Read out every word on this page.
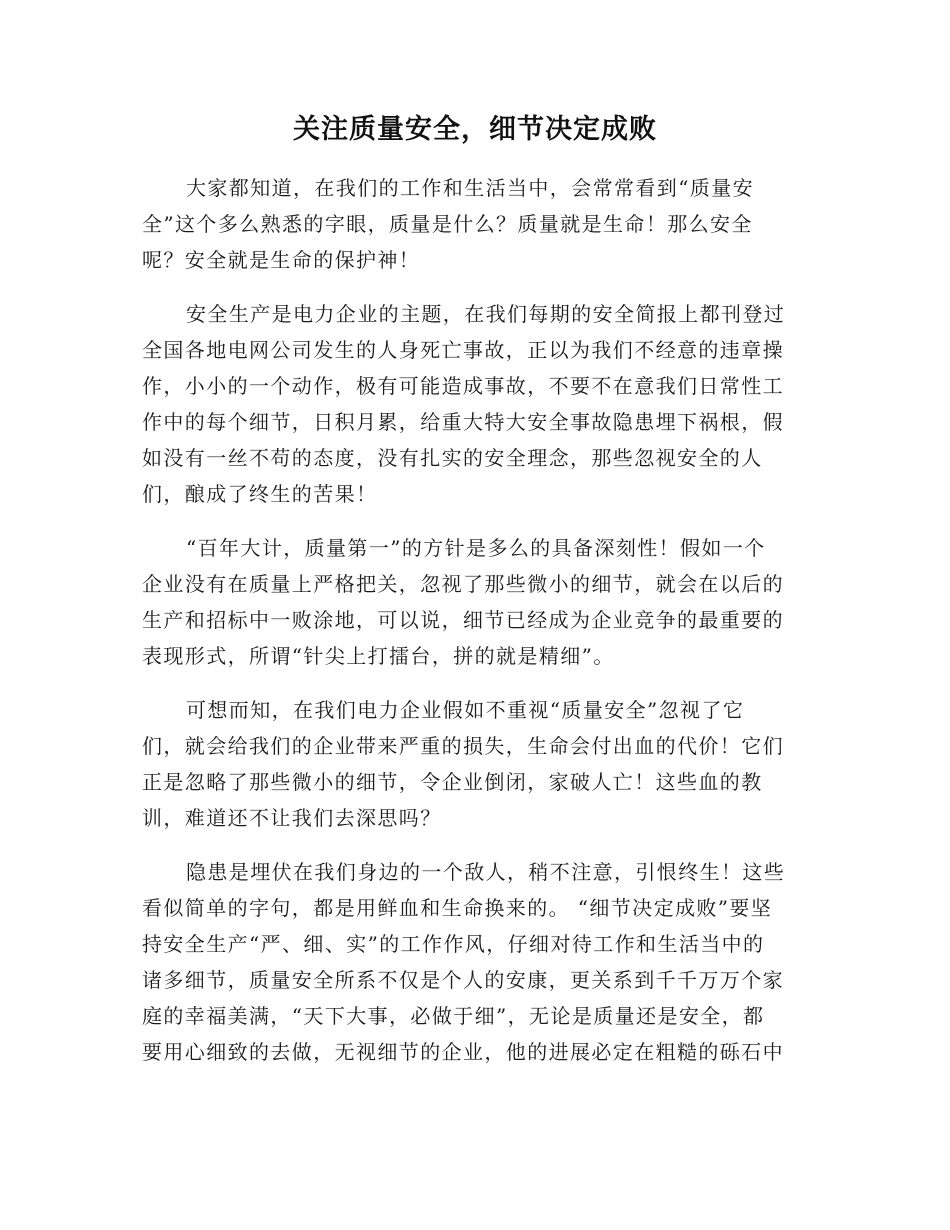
关注质量安全，细节决定成败
大家都知道，在我们的工作和生活当中，会常常看到“质量安
全”这个多么熟悉的字眼，质量是什么？质量就是生命！那么安全
呢？安全就是生命的保护神！
安全生产是电力企业的主题，在我们每期的安全简报上都刊登过
全国各地电网公司发生的人身死亡事故，正以为我们不经意的违章操
作，小小的一个动作，极有可能造成事故，不要不在意我们日常性工
作中的每个细节，日积月累，给重大特大安全事故隐患埋下祸根，假
如没有一丝不苟的态度，没有扎实的安全理念，那些忽视安全的人
们，酿成了终生的苦果！
“百年大计，质量第一”的方针是多么的具备深刻性！假如一个
企业没有在质量上严格把关，忽视了那些微小的细节，就会在以后的
生产和招标中一败涂地，可以说，细节已经成为企业竞争的最重要的
表现形式，所谓“针尖上打擂台，拼的就是精细”。
可想而知，在我们电力企业假如不重视“质量安全”忽视了它
们，就会给我们的企业带来严重的损失，生命会付出血的代价！它们
正是忽略了那些微小的细节，令企业倒闭，家破人亡！这些血的教
训，难道还不让我们去深思吗？
隐患是埋伏在我们身边的一个敌人，稍不注意，引恨终生！这些
看似简单的字句，都是用鲜血和生命换来的。 “细节决定成败”要坚
持安全生产“严、细、实”的工作作风，仔细对待工作和生活当中的
诸多细节，质量安全所系不仅是个人的安康，更关系到千千万万个家
庭的幸福美满，“天下大事，必做于细”，无论是质量还是安全，都
要用心细致的去做，无视细节的企业，他的进展必定在粗糙的砾石中
